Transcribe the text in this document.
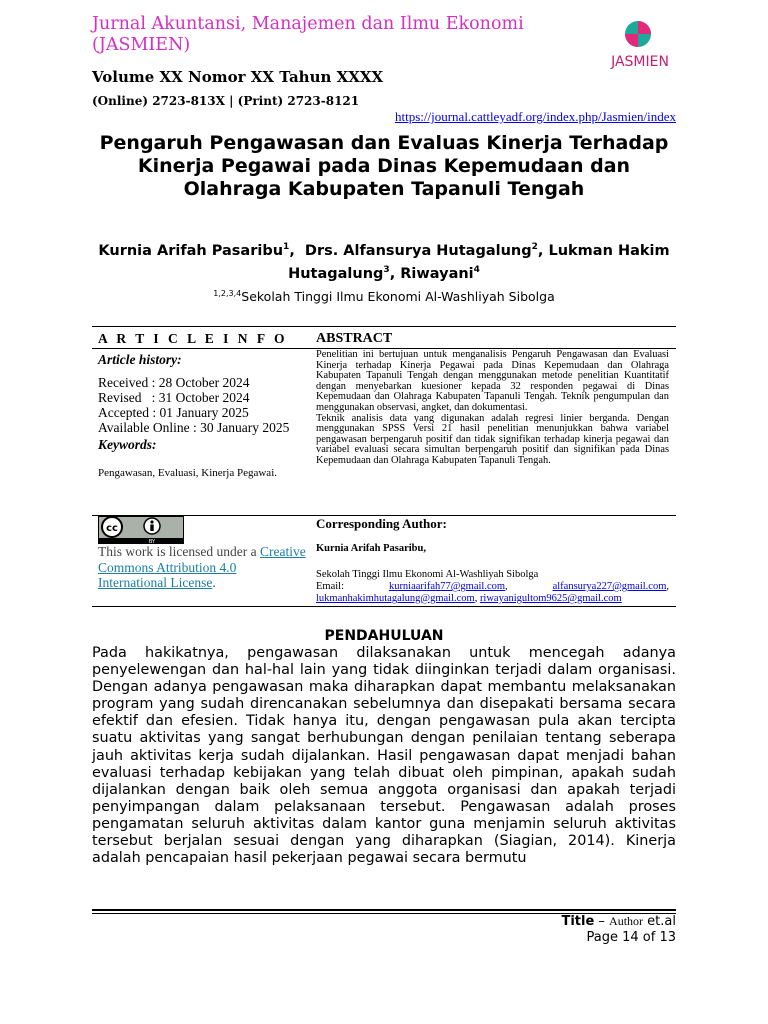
Jurnal Akuntansi, Manajemen dan Ilmu Ekonomi (JASMIEN)
JASMIEN
Volume XX Nomor XX Tahun XXXX
(Online) 2723-813X | (Print) 2723-8121
https://journal.cattleyadf.org/index.php/Jasmien/index
Pengaruh Pengawasan dan Evaluas Kinerja Terhadap Kinerja Pegawai pada Dinas Kepemudaan dan Olahraga Kabupaten Tapanuli Tengah
Kurnia Arifah Pasaribu$^1$,  Drs. Alfansurya Hutagalung$^2$, Lukman Hakim Hutagalung$^3$, Riwayani$^4$
$^{1,2,3,4}$Sekolah Tinggi Ilmu Ekonomi Al-Washliyah Sibolga
A R T I C L E I N F O ABSTRACT
Article history:
Received : 28 October 2024
Revised   : 31 October 2024
Accepted : 01 January 2025
Available Online : 30 January 2025
Keywords:
Pengawasan, Evaluasi, Kinerja Pegawai.

Penelitian ini bertujuan untuk menganalisis Pengaruh Pengawasan dan Evaluasi Kinerja terhadap Kinerja Pegawai pada Dinas Kepemudaan dan Olahraga Kabupaten Tapanuli Tengah dengan menggunakan metode penelitian Kuantitatif dengan menyebarkan kuesioner kepada 32 responden pegawai di Dinas Kepemudaan dan Olahraga Kabupaten Tapanuli Tengah. Teknik pengumpulan dan menggunakan observasi, angket, dan dokumentasi.

Teknik analisis data yang digunakan adalah regresi linier berganda. Dengan menggunakan SPSS Versi 21 hasil penelitian menunjukkan bahwa variabel pengawasan berpengaruh positif dan tidak signifikan terhadap kinerja pegawai dan variabel evaluasi secara simultan berpengaruh positif dan signifikan pada Dinas Kepemudaan dan Olahraga Kabupaten Tapanuli Tengah.

cc
BY
This work is licensed under a Creative Commons Attribution 4.0 International License.
Corresponding Author:
Kurnia Arifah Pasaribu,
Sekolah Tinggi Ilmu Ekonomi Al-Washliyah Sibolga
Email:	kurniaarifah77@gmail.com,	alfansurya227@gmail.com,
lukmanhakimhutagalung@gmail.com, riwayanigultom9625@gmail.com
PENDAHULUAN
Pada hakikatnya, pengawasan dilaksanakan untuk mencegah adanya penyelewengan dan hal-hal lain yang tidak diinginkan terjadi dalam organisasi. Dengan adanya pengawasan maka diharapkan dapat membantu melaksanakan program yang sudah direncanakan sebelumnya dan disepakati bersama secara efektif dan efesien. Tidak hanya itu, dengan pengawasan pula akan tercipta suatu aktivitas yang sangat berhubungan dengan penilaian tentang seberapa jauh aktivitas kerja sudah dijalankan. Hasil pengawasan dapat menjadi bahan evaluasi terhadap kebijakan yang telah dibuat oleh pimpinan, apakah sudah dijalankan dengan baik oleh semua anggota organisasi dan apakah terjadi penyimpangan dalam pelaksanaan tersebut. Pengawasan adalah proses pengamatan seluruh aktivitas dalam kantor guna menjamin seluruh aktivitas tersebut berjalan sesuai dengan yang diharapkan (Siagian, 2014). Kinerja adalah pencapaian hasil pekerjaan pegawai secara bermutu
Title – Author et.al
Page 14 of 13
